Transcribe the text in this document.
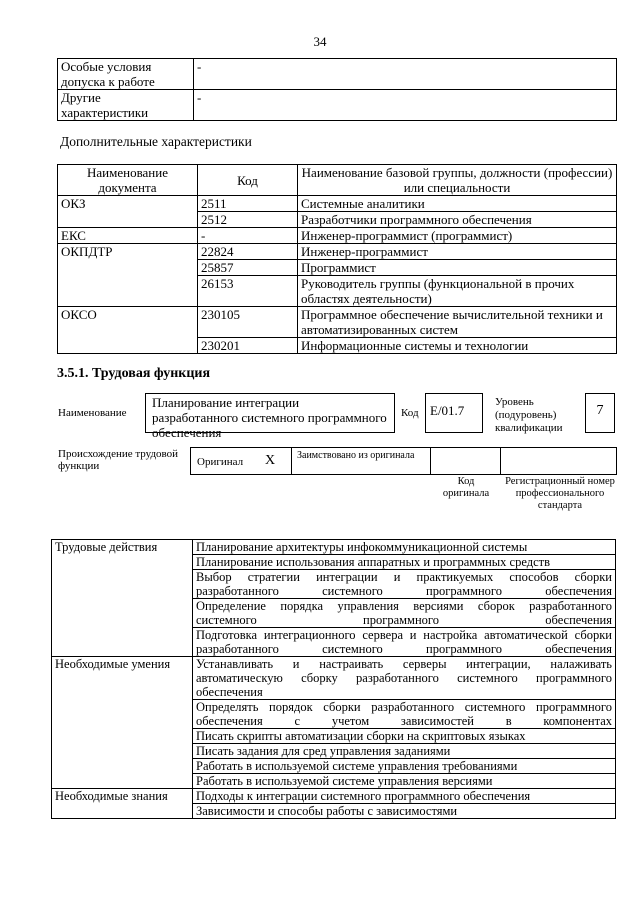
34
Особые условия допуска к работе	-
Другие характеристики	-
Дополнительные характеристики
Наименование документа	Код	Наименование базовой группы, должности (профессии) или специальности
ОКЗ	2511	Системные аналитики
	2512	Разработчики программного обеспечения
ЕКС	-	Инженер-программист (программист)
ОКПДТР	22824	Инженер-программист
	25857	Программист
	26153	Руководитель группы (функциональной в прочих областях деятельности)
ОКСО	230105	Программное обеспечение вычислительной техники и автоматизированных систем
	230201	Информационные системы и технологии
3.5.1. Трудовая функция
Наименование
Планирование интеграции разработанного системного программного обеспечения
Код E/01.7
Уровень (подуровень) квалификации
7
Происхождение трудовой функции	Оригинал X Заимствовано из оригинала
Код оригинала
Регистрационный номер профессионального стандарта
Трудовые действия	Планирование архитектуры инфокоммуникационной системы
	Планирование использования аппаратных и программных средств
	Выбор стратегии интеграции и практикуемых способов сборки разработанного системного программного обеспечения
	Определение порядка управления версиями сборок разработанного системного программного обеспечения
	Подготовка интеграционного сервера и настройка автоматической сборки разработанного системного программного обеспечения
Необходимые умения	Устанавливать и настраивать серверы интеграции, налаживать автоматическую сборку разработанного системного программного обеспечения
	Определять порядок сборки разработанного системного программного обеспечения с учетом зависимостей в компонентах
	Писать скрипты автоматизации сборки на скриптовых языках
	Писать задания для сред управления заданиями
	Работать в используемой системе управления требованиями
	Работать в используемой системе управления версиями
Необходимые знания	Подходы к интеграции системного программного обеспечения
	Зависимости и способы работы с зависимостями
